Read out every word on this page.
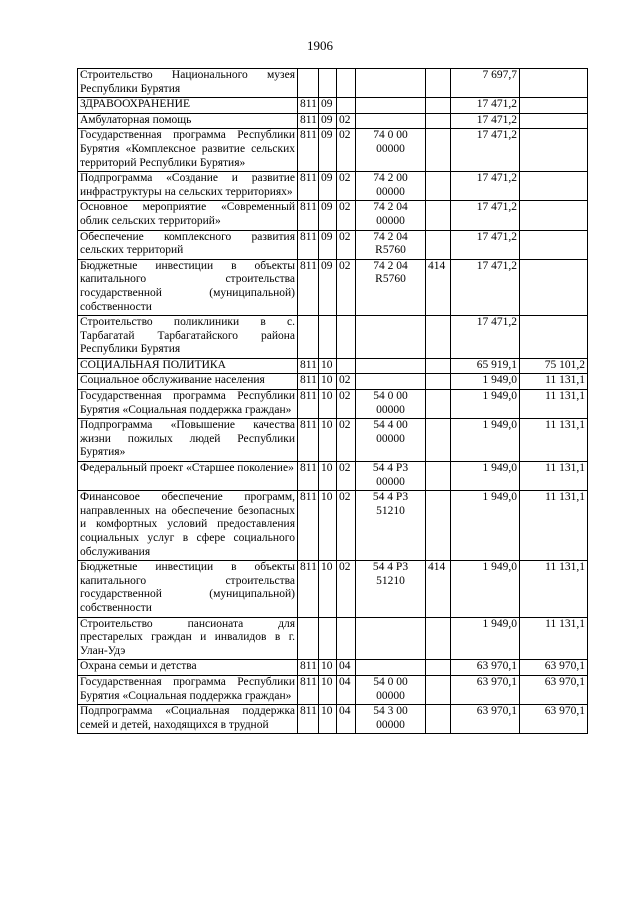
1906
Строительство Национального музея Республики Бурятия						7 697,7	
ЗДРАВООХРАНЕНИЕ	811	09				17 471,2	
Амбулаторная помощь	811	09	02			17 471,2	
Государственная программа Республики Бурятия «Комплексное развитие сельских территорий Республики Бурятия»	811	09	02	74 0 00 00000		17 471,2	
Подпрограмма «Создание и развитие инфраструктуры на сельских территориях»	811	09	02	74 2 00 00000		17 471,2	
Основное мероприятие «Современный облик сельских территорий»	811	09	02	74 2 04 00000		17 471,2	
Обеспечение комплексного развития сельских территорий	811	09	02	74 2 04 R5760		17 471,2	
Бюджетные инвестиции в объекты капитального строительства государственной (муниципальной) собственности	811	09	02	74 2 04 R5760	414	17 471,2	
Строительство поликлиники в с. Тарбагатай Тарбагатайского района Республики Бурятия						17 471,2	
СОЦИАЛЬНАЯ ПОЛИТИКА	811	10				65 919,1	75 101,2
Социальное обслуживание населения	811	10	02			1 949,0	11 131,1
Государственная программа Республики Бурятия «Социальная поддержка граждан»	811	10	02	54 0 00 00000		1 949,0	11 131,1
Подпрограмма «Повышение качества жизни пожилых людей Республики Бурятия»	811	10	02	54 4 00 00000		1 949,0	11 131,1
Федеральный проект «Старшее поколение»	811	10	02	54 4 P3 00000		1 949,0	11 131,1
Финансовое обеспечение программ, направленных на обеспечение безопасных и комфортных условий предоставления социальных услуг в сфере социального обслуживания	811	10	02	54 4 P3 51210		1 949,0	11 131,1
Бюджетные инвестиции в объекты капитального строительства государственной (муниципальной) собственности	811	10	02	54 4 P3 51210	414	1 949,0	11 131,1
Строительство пансионата для престарелых граждан и инвалидов в г. Улан-Удэ						1 949,0	11 131,1
Охрана семьи и детства	811	10	04			63 970,1	63 970,1
Государственная программа Республики Бурятия «Социальная поддержка граждан»	811	10	04	54 0 00 00000		63 970,1	63 970,1
Подпрограмма «Социальная поддержка семей и детей, находящихся в трудной	811	10	04	54 3 00 00000		63 970,1	63 970,1
